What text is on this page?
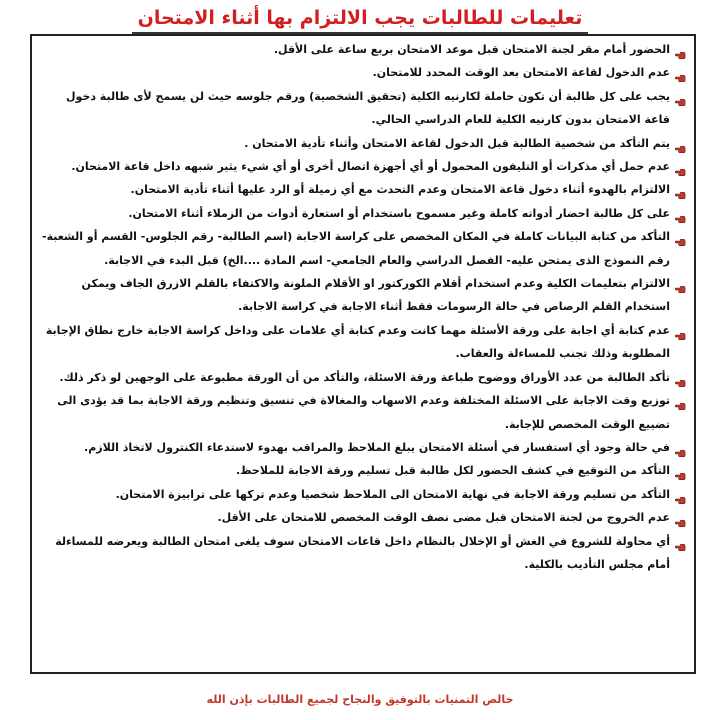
تعليمات للطالبات يجب الالتزام بها أثناء الامتحان

الحضور أمام مقر لجنة الامتحان قبل موعد الامتحان بربع ساعة على الأقل.

عدم الدخول لقاعة الامتحان بعد الوقت المحدد للامتحان.

يجب على كل طالبة أن تكون حاملة لكارنيه الكلية (تحقيق الشخصية) ورقم جلوسه حيث لن يسمح لأى طالبة دخول قاعة الامتحان بدون كارنيه الكلية للعام الدراسي الحالي.

يتم التأكد من شخصية الطالبة قبل الدخول لقاعة الامتحان وأثناء تأدية الامتحان .

عدم حمل أي مذكرات أو التليفون المحمول أو أي أجهزة اتصال أخرى أو أي شيء يثير شبهه داخل قاعة الامتحان.

الالتزام بالهدوء أثناء دخول قاعة الامتحان وعدم التحدث مع أي زميلة أو الرد عليها أثناء تأدية الامتحان.

على كل طالبة احضار أدواته كاملة وغير مسموح باستخدام أو استعارة أدوات من الزملاء أثناء الامتحان.

التأكد من كتابة البيانات كاملة في المكان المخصص على كراسة الاجابة (اسم الطالبة- رقم الجلوس- القسم أو الشعبة- رقم النموذج الذى يمتحن عليه- الفصل الدراسي والعام الجامعي- اسم المادة ....الخ) قبل البدء في الاجابة.

الالتزام بتعليمات الكلية وعدم استخدام أقلام الكوركتور او الأقلام الملونة والاكتفاء بالقلم الازرق الجاف ويمكن استخدام القلم الرصاص في حالة الرسومات فقط أثناء الاجابة في كراسة الاجابة.

عدم كتابة أي اجابة على ورقة الأسئلة مهما كانت وعدم كتابة أي علامات على وداخل كراسة الاجابة خارج نطاق الإجابة المطلوبة وذلك تجنب للمساءلة والعقاب.

تأكد الطالبة من عدد الأوراق ووضوح طباعة ورقة الاسئلة، والتأكد من أن الورقة مطبوعة على الوجهين لو ذكر ذلك.

توزيع وقت الاجابة على الاسئلة المختلفة وعدم الاسهاب والمغالاة في تنسيق وتنظيم ورقة الاجابة بما قد يؤدى الى تضييع الوقت المخصص للإجابة.

في حالة وجود أي استفسار في أسئلة الامتحان يبلغ الملاحظ والمراقب بهدوء لاستدعاء الكنترول لاتخاذ اللازم.

التأكد من التوقيع في كشف الحضور لكل طالبة قبل تسليم ورقة الاجابة للملاحظ.

التأكد من تسليم ورقة الاجابة في نهاية الامتحان الى الملاحظ شخصيا وعدم تركها على ترابيزة الامتحان.

عدم الخروج من لجنة الامتحان قبل مضى نصف الوقت المخصص للامتحان على الأقل.

أي محاولة للشروع في الغش أو الإخلال بالنظام داخل قاعات الامتحان سوف يلغى امتحان الطالبة ويعرضه للمساءلة أمام مجلس التأديب بالكلية.

خالص التمنيات بالتوفيق والنجاح لجميع الطالبات بإذن الله
